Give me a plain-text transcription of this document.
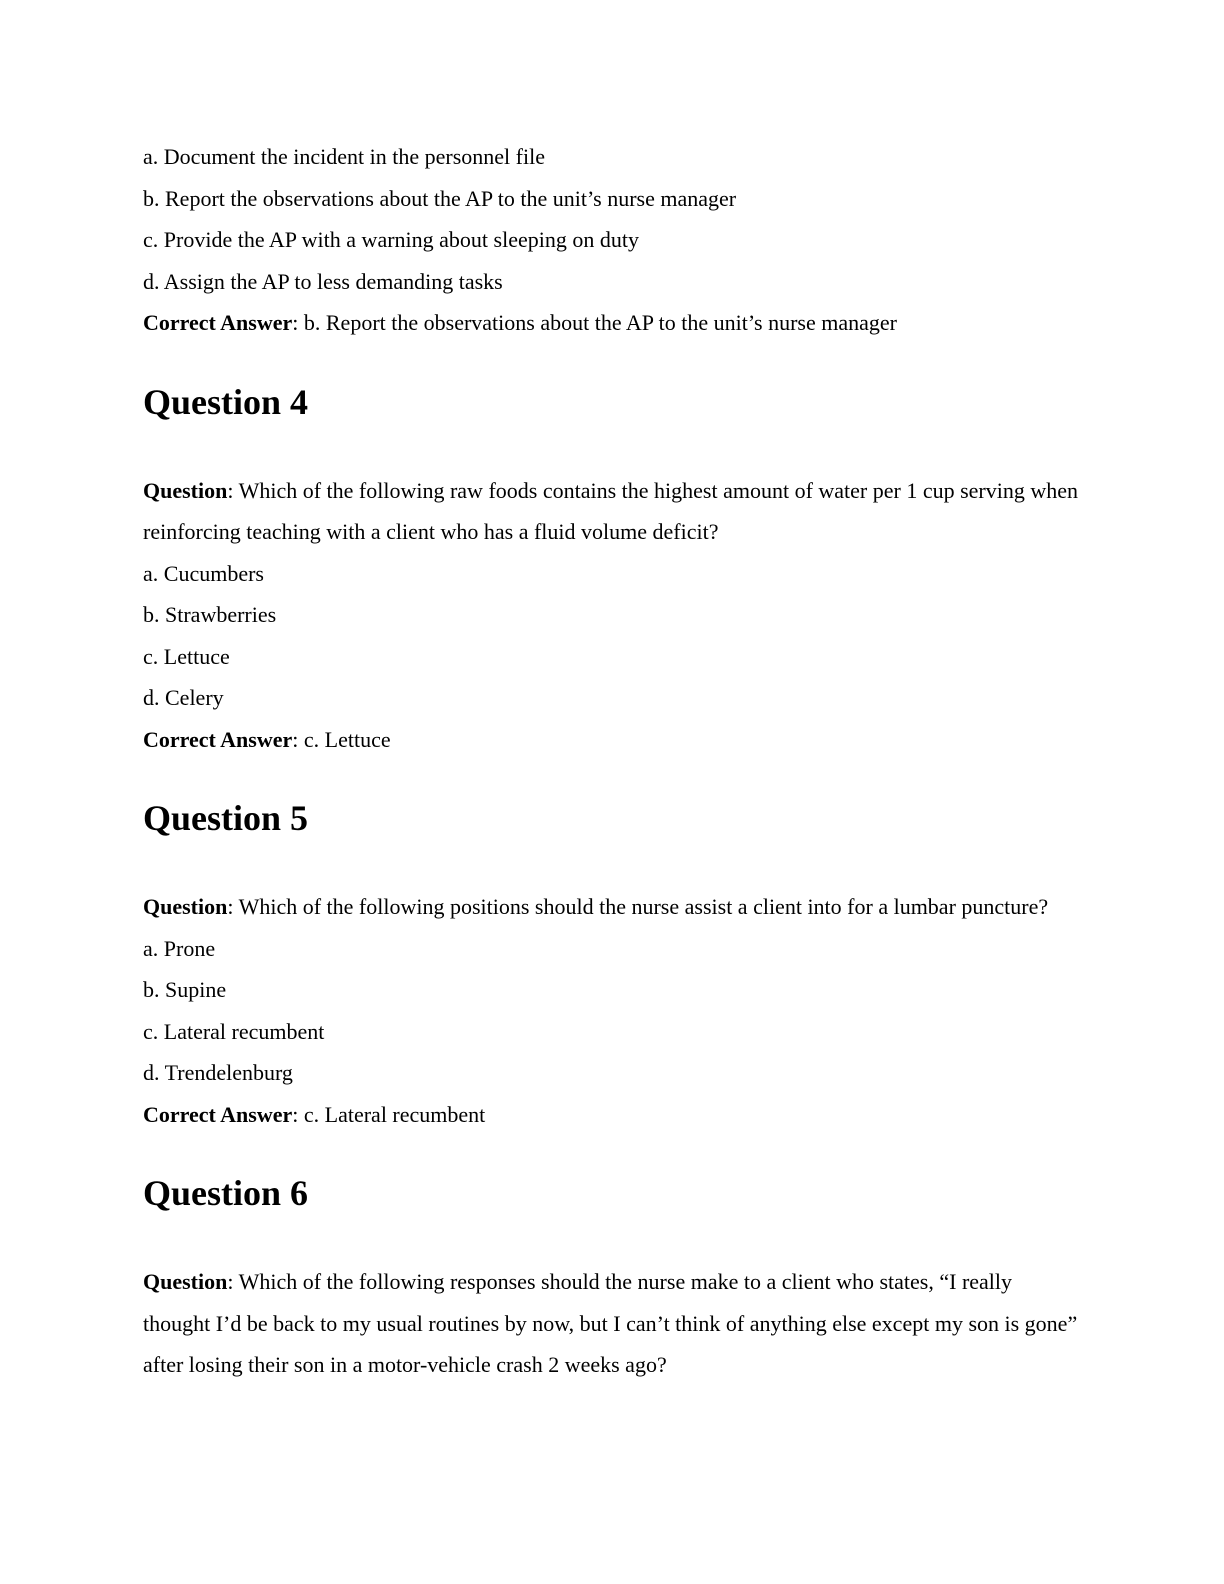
a. Document the incident in the personnel file

b. Report the observations about the AP to the unit’s nurse manager

c. Provide the AP with a warning about sleeping on duty

d. Assign the AP to less demanding tasks

Correct Answer: b. Report the observations about the AP to the unit’s nurse manager

Question 4

Question: Which of the following raw foods contains the highest amount of water per 1 cup serving when reinforcing teaching with a client who has a fluid volume deficit?

a. Cucumbers

b. Strawberries

c. Lettuce

d. Celery

Correct Answer: c. Lettuce

Question 5

Question: Which of the following positions should the nurse assist a client into for a lumbar puncture?

a. Prone

b. Supine

c. Lateral recumbent

d. Trendelenburg

Correct Answer: c. Lateral recumbent

Question 6

Question: Which of the following responses should the nurse make to a client who states, “I really thought I’d be back to my usual routines by now, but I can’t think of anything else except my son is gone” after losing their son in a motor-vehicle crash 2 weeks ago?
